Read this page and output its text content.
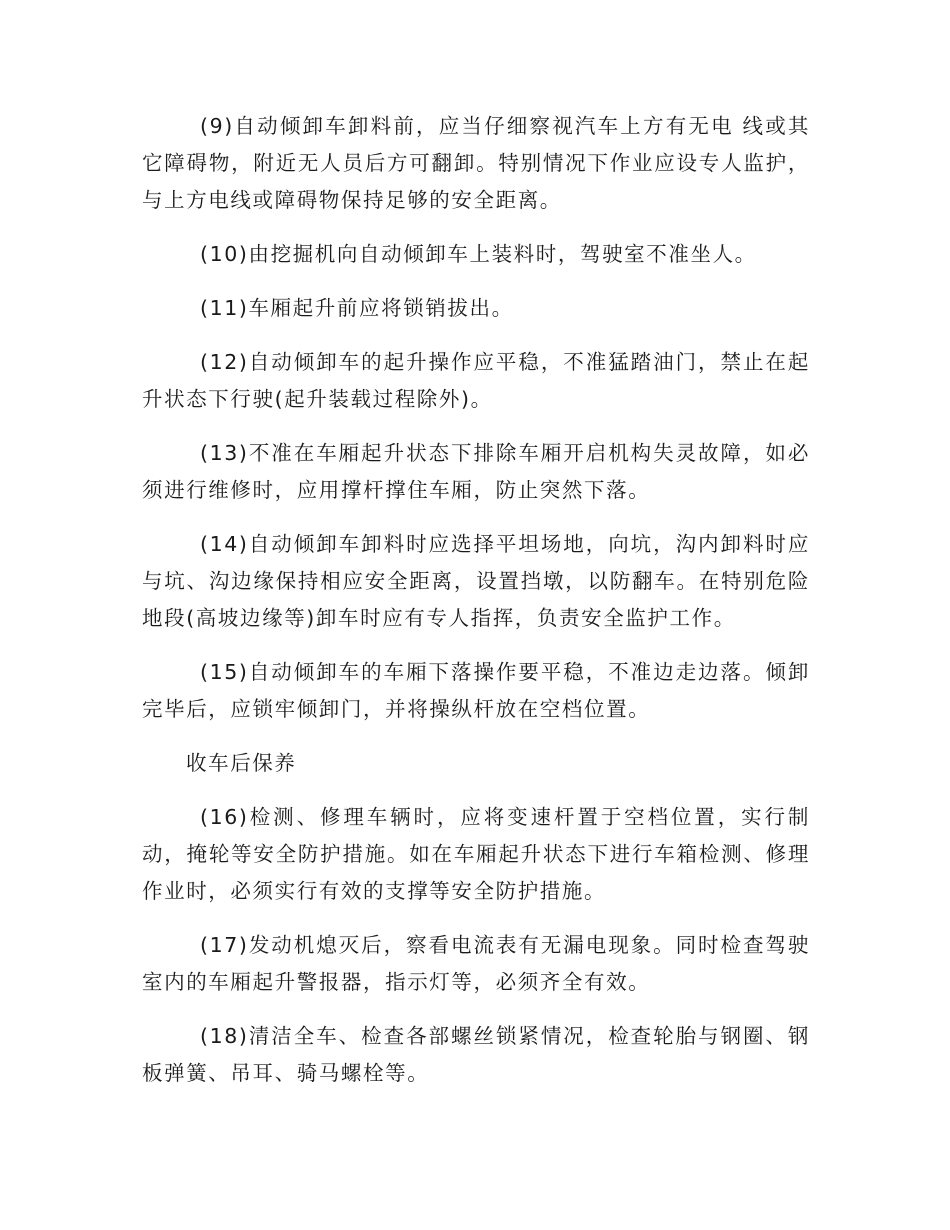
(9)自动倾卸车卸料前，应当仔细察视汽车上方有无电 线或其它障碍物，附近无人员后方可翻卸。特别情况下作业应设专人监护，与上方电线或障碍物保持足够的安全距离。

(10)由挖掘机向自动倾卸车上装料时，驾驶室不准坐人。

(11)车厢起升前应将锁销拔出。

(12)自动倾卸车的起升操作应平稳，不准猛踏油门，禁止在起升状态下行驶(起升装载过程除外)。

(13)不准在车厢起升状态下排除车厢开启机构失灵故障，如必须进行维修时，应用撑杆撑住车厢，防止突然下落。

(14)自动倾卸车卸料时应选择平坦场地，向坑，沟内卸料时应与坑、沟边缘保持相应安全距离，设置挡墩，以防翻车。在特别危险地段(高坡边缘等)卸车时应有专人指挥，负责安全监护工作。

(15)自动倾卸车的车厢下落操作要平稳，不准边走边落。倾卸完毕后，应锁牢倾卸门，并将操纵杆放在空档位置。

收车后保养

(16)检测、修理车辆时，应将变速杆置于空档位置，实行制动，掩轮等安全防护措施。如在车厢起升状态下进行车箱检测、修理作业时，必须实行有效的支撑等安全防护措施。

(17)发动机熄灭后，察看电流表有无漏电现象。同时检查驾驶室内的车厢起升警报器，指示灯等，必须齐全有效。

(18)清洁全车、检查各部螺丝锁紧情况，检查轮胎与钢圈、钢板弹簧、吊耳、骑马螺栓等。
